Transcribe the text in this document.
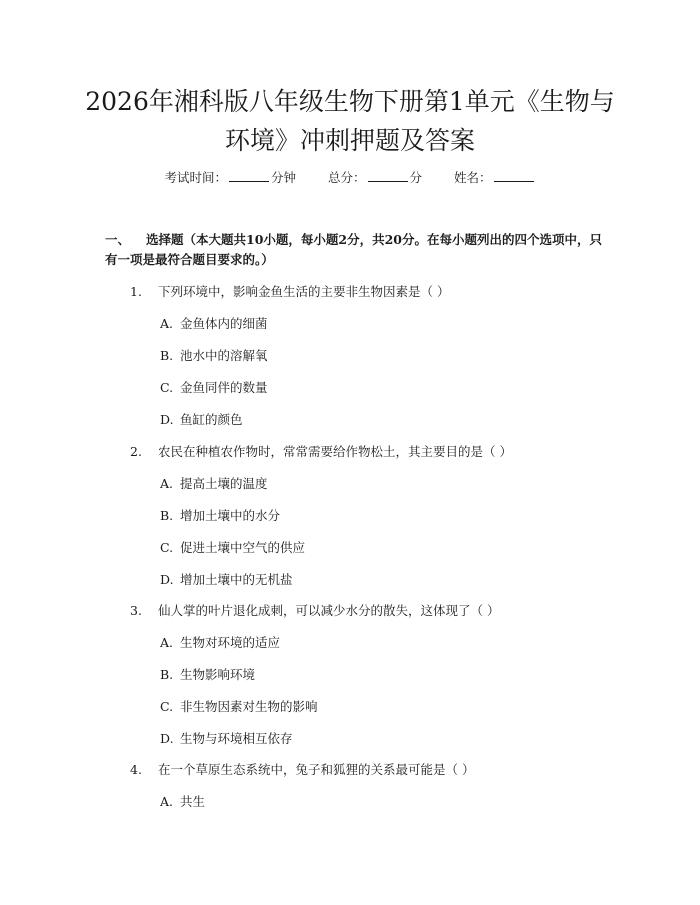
2026年湘科版八年级生物下册第1单元《生物与环境》冲刺押题及答案
考试时间：	分钟	总分：	分	姓名：
一、 选择题（本大题共10小题，每小题2分，共20分。在每小题列出的四个选项中，只有一项是最符合题目要求的。）
1. 下列环境中，影响金鱼生活的主要非生物因素是（ ）
A. 金鱼体内的细菌
B. 池水中的溶解氧
C. 金鱼同伴的数量
D. 鱼缸的颜色
2. 农民在种植农作物时，常常需要给作物松土，其主要目的是（ ）
A. 提高土壤的温度
B. 增加土壤中的水分
C. 促进土壤中空气的供应
D. 增加土壤中的无机盐
3. 仙人掌的叶片退化成刺，可以减少水分的散失，这体现了（ ）
A. 生物对环境的适应
B. 生物影响环境
C. 非生物因素对生物的影响
D. 生物与环境相互依存
4. 在一个草原生态系统中，兔子和狐狸的关系最可能是（ ）
A. 共生
